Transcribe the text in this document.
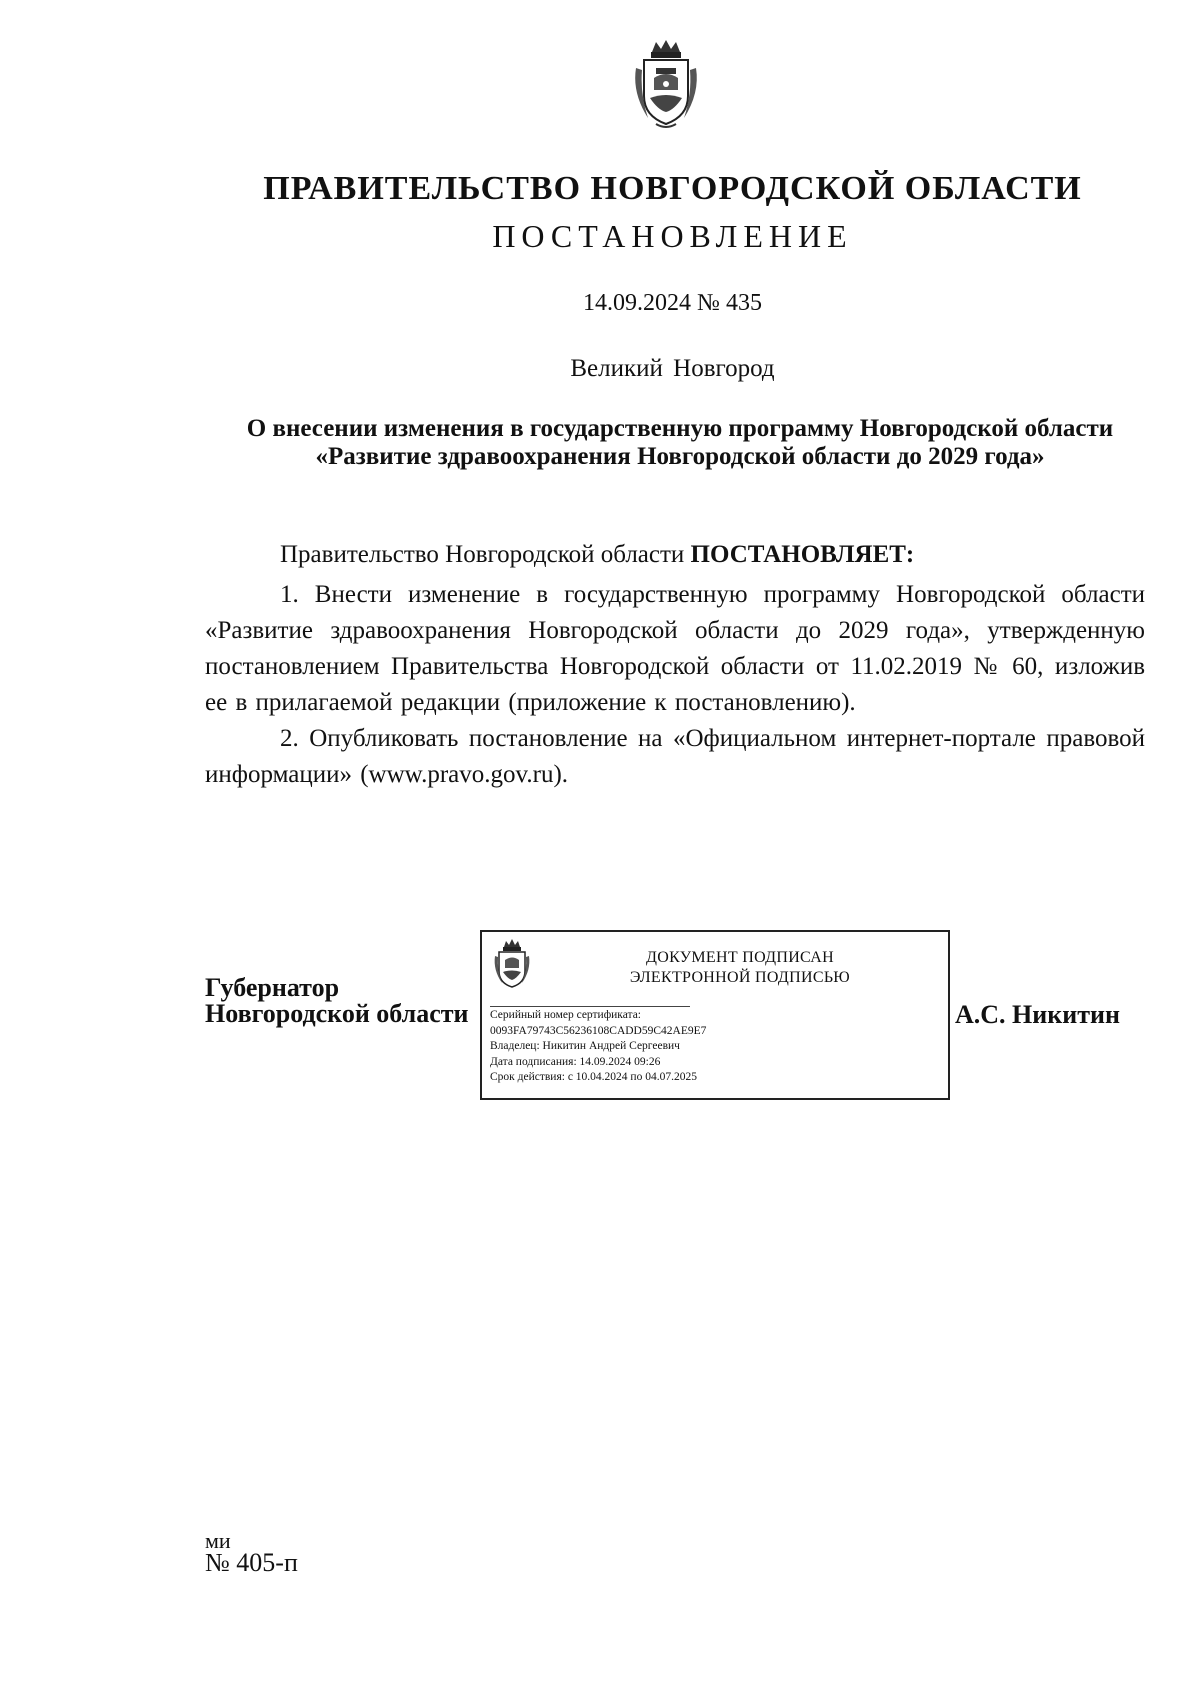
ПРАВИТЕЛЬСТВО НОВГОРОДСКОЙ ОБЛАСТИ
ПОСТАНОВЛЕНИЕ
14.09.2024 № 435
Великий Новгород
О внесении изменения в государственную программу Новгородской области
«Развитие здравоохранения Новгородской области до 2029 года»

Правительство Новгородской области ПОСТАНОВЛЯЕТ:

1. Внести изменение в государственную программу Новгородской области «Развитие здравоохранения Новгородской области до 2029 года», утвержденную постановлением Правительства Новгородской области от 11.02.2019 № 60, изложив ее в прилагаемой редакции (приложение к постановлению).

2. Опубликовать постановление на «Официальном интернет-портале правовой информации» (www.pravo.gov.ru).

Губернатор
Новгородской области
ДОКУМЕНТ ПОДПИСАН
ЭЛЕКТРОННОЙ ПОДПИСЬЮ
Серийный номер сертификата:
0093FA79743C56236108CADD59C42AE9E7
Владелец: Никитин Андрей Сергеевич
Дата подписания: 14.09.2024 09:26
Срок действия: с 10.04.2024 по 04.07.2025
А.С. Никитин
ми
№ 405-п
